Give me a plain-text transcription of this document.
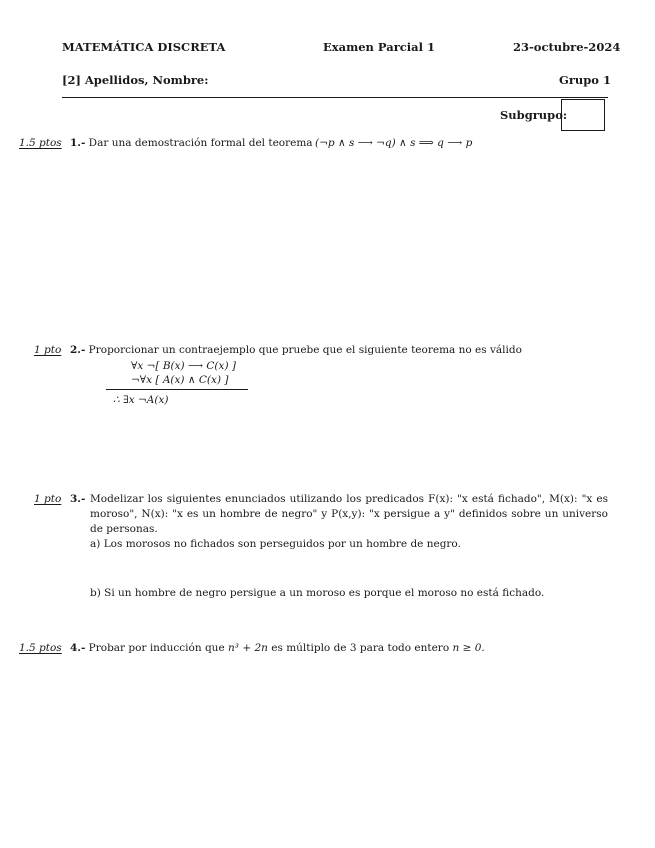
MATEMÁTICA DISCRETA	Examen Parcial 1	23-octubre-2024
[2] Apellidos, Nombre:	Grupo 1
Subgrupo:
1.5 ptos 1.- Dar una demostración formal del teorema (¬p ∧ s ⟶ ¬q) ∧ s ⟹ q ⟶ p
1 pto 2.- Proporcionar un contraejemplo que pruebe que el siguiente teorema no es válido
∀x ¬[ B(x) ⟶ C(x) ]
¬∀x [ A(x) ∧ C(x) ]
∴ ∃x ¬A(x)
1 pto 3.- Modelizar los siguientes enunciados utilizando los predicados F(x): "x está fichado", M(x): "x es moroso", N(x): "x es un hombre de negro" y P(x,y): "x persigue a y" definidos sobre un universo de personas.
a) Los morosos no fichados son perseguidos por un hombre de negro.
b) Si un hombre de negro persigue a un moroso es porque el moroso no está fichado.
1.5 ptos 4.- Probar por inducción que n³ + 2n es múltiplo de 3 para todo entero n ≥ 0.
